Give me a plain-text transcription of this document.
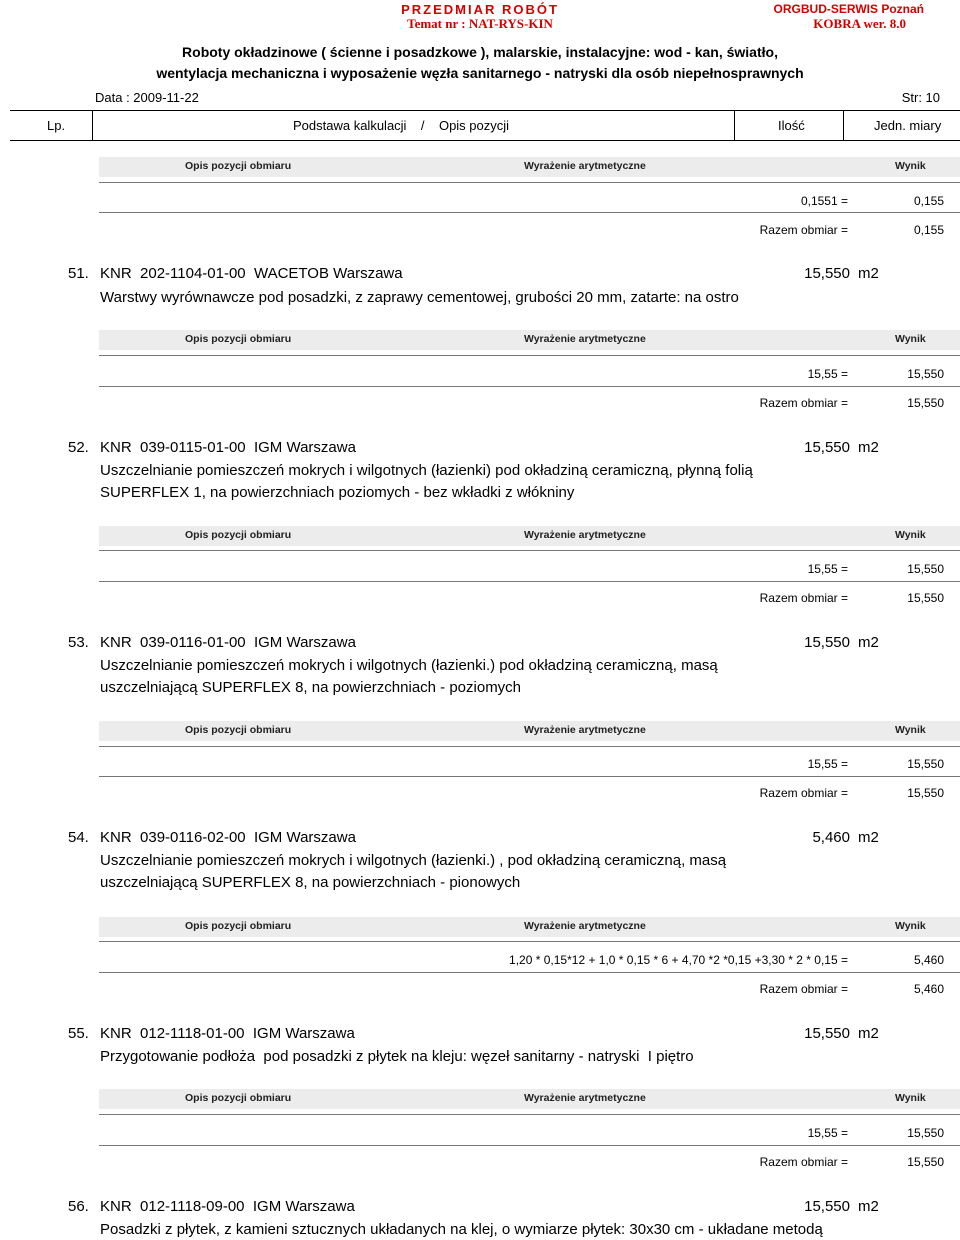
PRZEDMIAR ROBÓT
Temat nr : NAT-RYS-KIN
ORGBUD-SERWIS Poznań
KOBRA wer. 8.0
Roboty okładzinowe ( ścienne i posadzkowe ), malarskie, instalacyjne: wod - kan, światło,
wentylacja mechaniczna i wyposażenie węzła sanitarnego - natryski dla osób niepełnosprawnych
Data : 2009-11-22	Str: 10
Lp.	Podstawa kalkulacji    /    Opis pozycji	Ilość	Jedn. miary
Opis pozycji obmiaru	Wyrażenie arytmetyczne	Wynik
0,1551 =	0,155
Razem obmiar =	0,155
51. KNR  202-1104-01-00  WACETOB Warszawa	15,550 m2
Warstwy wyrównawcze pod posadzki, z zaprawy cementowej, grubości 20 mm, zatarte: na ostro
Opis pozycji obmiaru	Wyrażenie arytmetyczne	Wynik
15,55 =	15,550
Razem obmiar =	15,550
52. KNR  039-0115-01-00  IGM Warszawa	15,550 m2
Uszczelnianie pomieszczeń mokrych i wilgotnych (łazienki) pod okładziną ceramiczną, płynną folią
SUPERFLEX 1, na powierzchniach poziomych - bez wkładki z włókniny
Opis pozycji obmiaru	Wyrażenie arytmetyczne	Wynik
15,55 =	15,550
Razem obmiar =	15,550
53. KNR  039-0116-01-00  IGM Warszawa	15,550 m2
Uszczelnianie pomieszczeń mokrych i wilgotnych (łazienki.) pod okładziną ceramiczną, masą
uszczelniającą SUPERFLEX 8, na powierzchniach - poziomych
Opis pozycji obmiaru	Wyrażenie arytmetyczne	Wynik
15,55 =	15,550
Razem obmiar =	15,550
54. KNR  039-0116-02-00  IGM Warszawa	5,460 m2
Uszczelnianie pomieszczeń mokrych i wilgotnych (łazienki.) , pod okładziną ceramiczną, masą
uszczelniającą SUPERFLEX 8, na powierzchniach - pionowych
Opis pozycji obmiaru	Wyrażenie arytmetyczne	Wynik
1,20 * 0,15*12 + 1,0 * 0,15 * 6 + 4,70 *2 *0,15 +3,30 * 2 * 0,15 =	5,460
Razem obmiar =	5,460
55. KNR  012-1118-01-00  IGM Warszawa	15,550 m2
Przygotowanie podłoża  pod posadzki z płytek na kleju: węzeł sanitarny - natryski  I piętro
Opis pozycji obmiaru	Wyrażenie arytmetyczne	Wynik
15,55 =	15,550
Razem obmiar =	15,550
56. KNR  012-1118-09-00  IGM Warszawa	15,550 m2
Posadzki z płytek, z kamieni sztucznych układanych na klej, o wymiarze płytek: 30x30 cm - układane metodą
